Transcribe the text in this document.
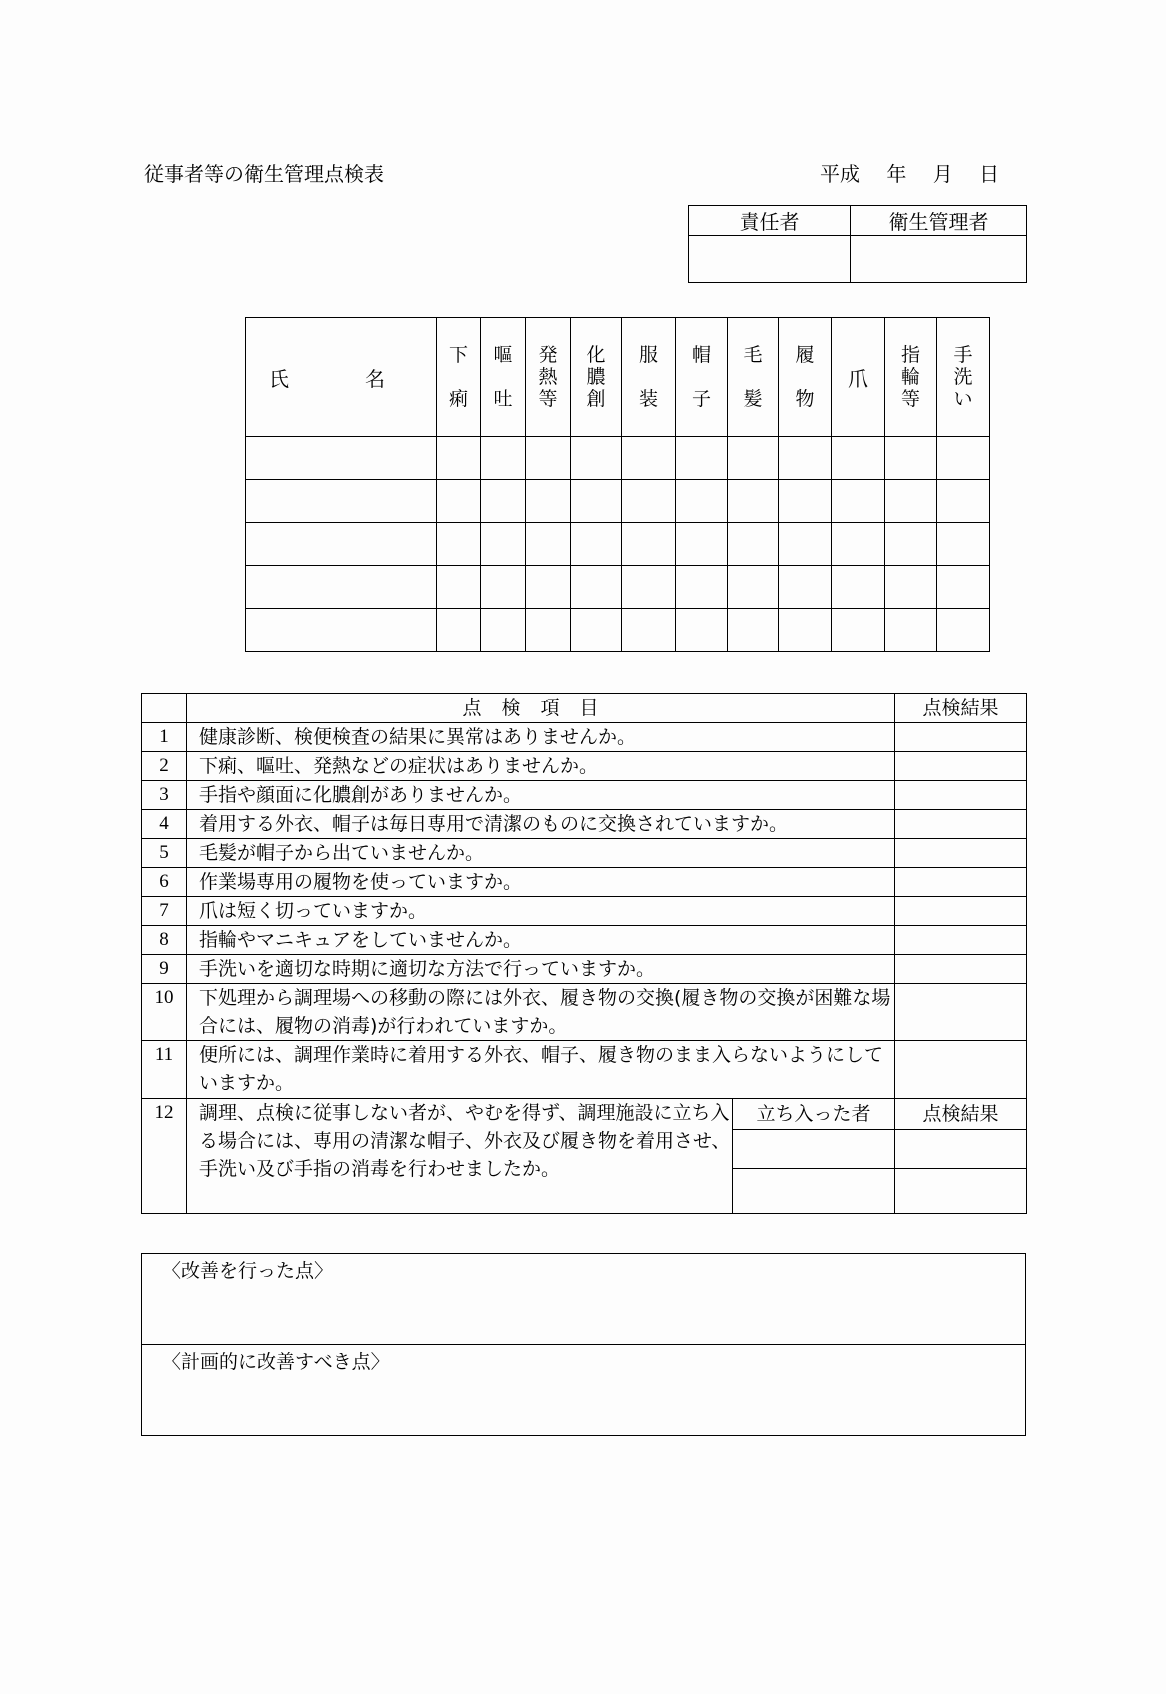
従事者等の衛生管理点検表	平成　 年　 月　 日
責任者	衛生管理者

氏　名	下痢	嘔吐	発熱等	化膿創	服装	帽子	毛髪	履物	爪	指輪等	手洗い

	点検項目		点検結果
1	健康診断、検便検査の結果に異常はありませんか。		
2	下痢、嘔吐、発熱などの症状はありませんか。		
3	手指や顔面に化膿創がありませんか。		
4	着用する外衣、帽子は毎日専用で清潔のものに交換されていますか。		
5	毛髪が帽子から出ていませんか。		
6	作業場専用の履物を使っていますか。		
7	爪は短く切っていますか。		
8	指輪やマニキュアをしていませんか。		
9	手洗いを適切な時期に適切な方法で行っていますか。		
10	下処理から調理場への移動の際には外衣、履き物の交換(履き物の交換が困難な場合には、履物の消毒)が行われていますか。		
11	便所には、調理作業時に着用する外衣、帽子、履き物のまま入らないようにしていますか。		
12	調理、点検に従事しない者が、やむを得ず、調理施設に立ち入る場合には、専用の清潔な帽子、外衣及び履き物を着用させ、手洗い及び手指の消毒を行わせましたか。	立ち入った者	点検結果

〈改善を行った点〉

〈計画的に改善すべき点〉
